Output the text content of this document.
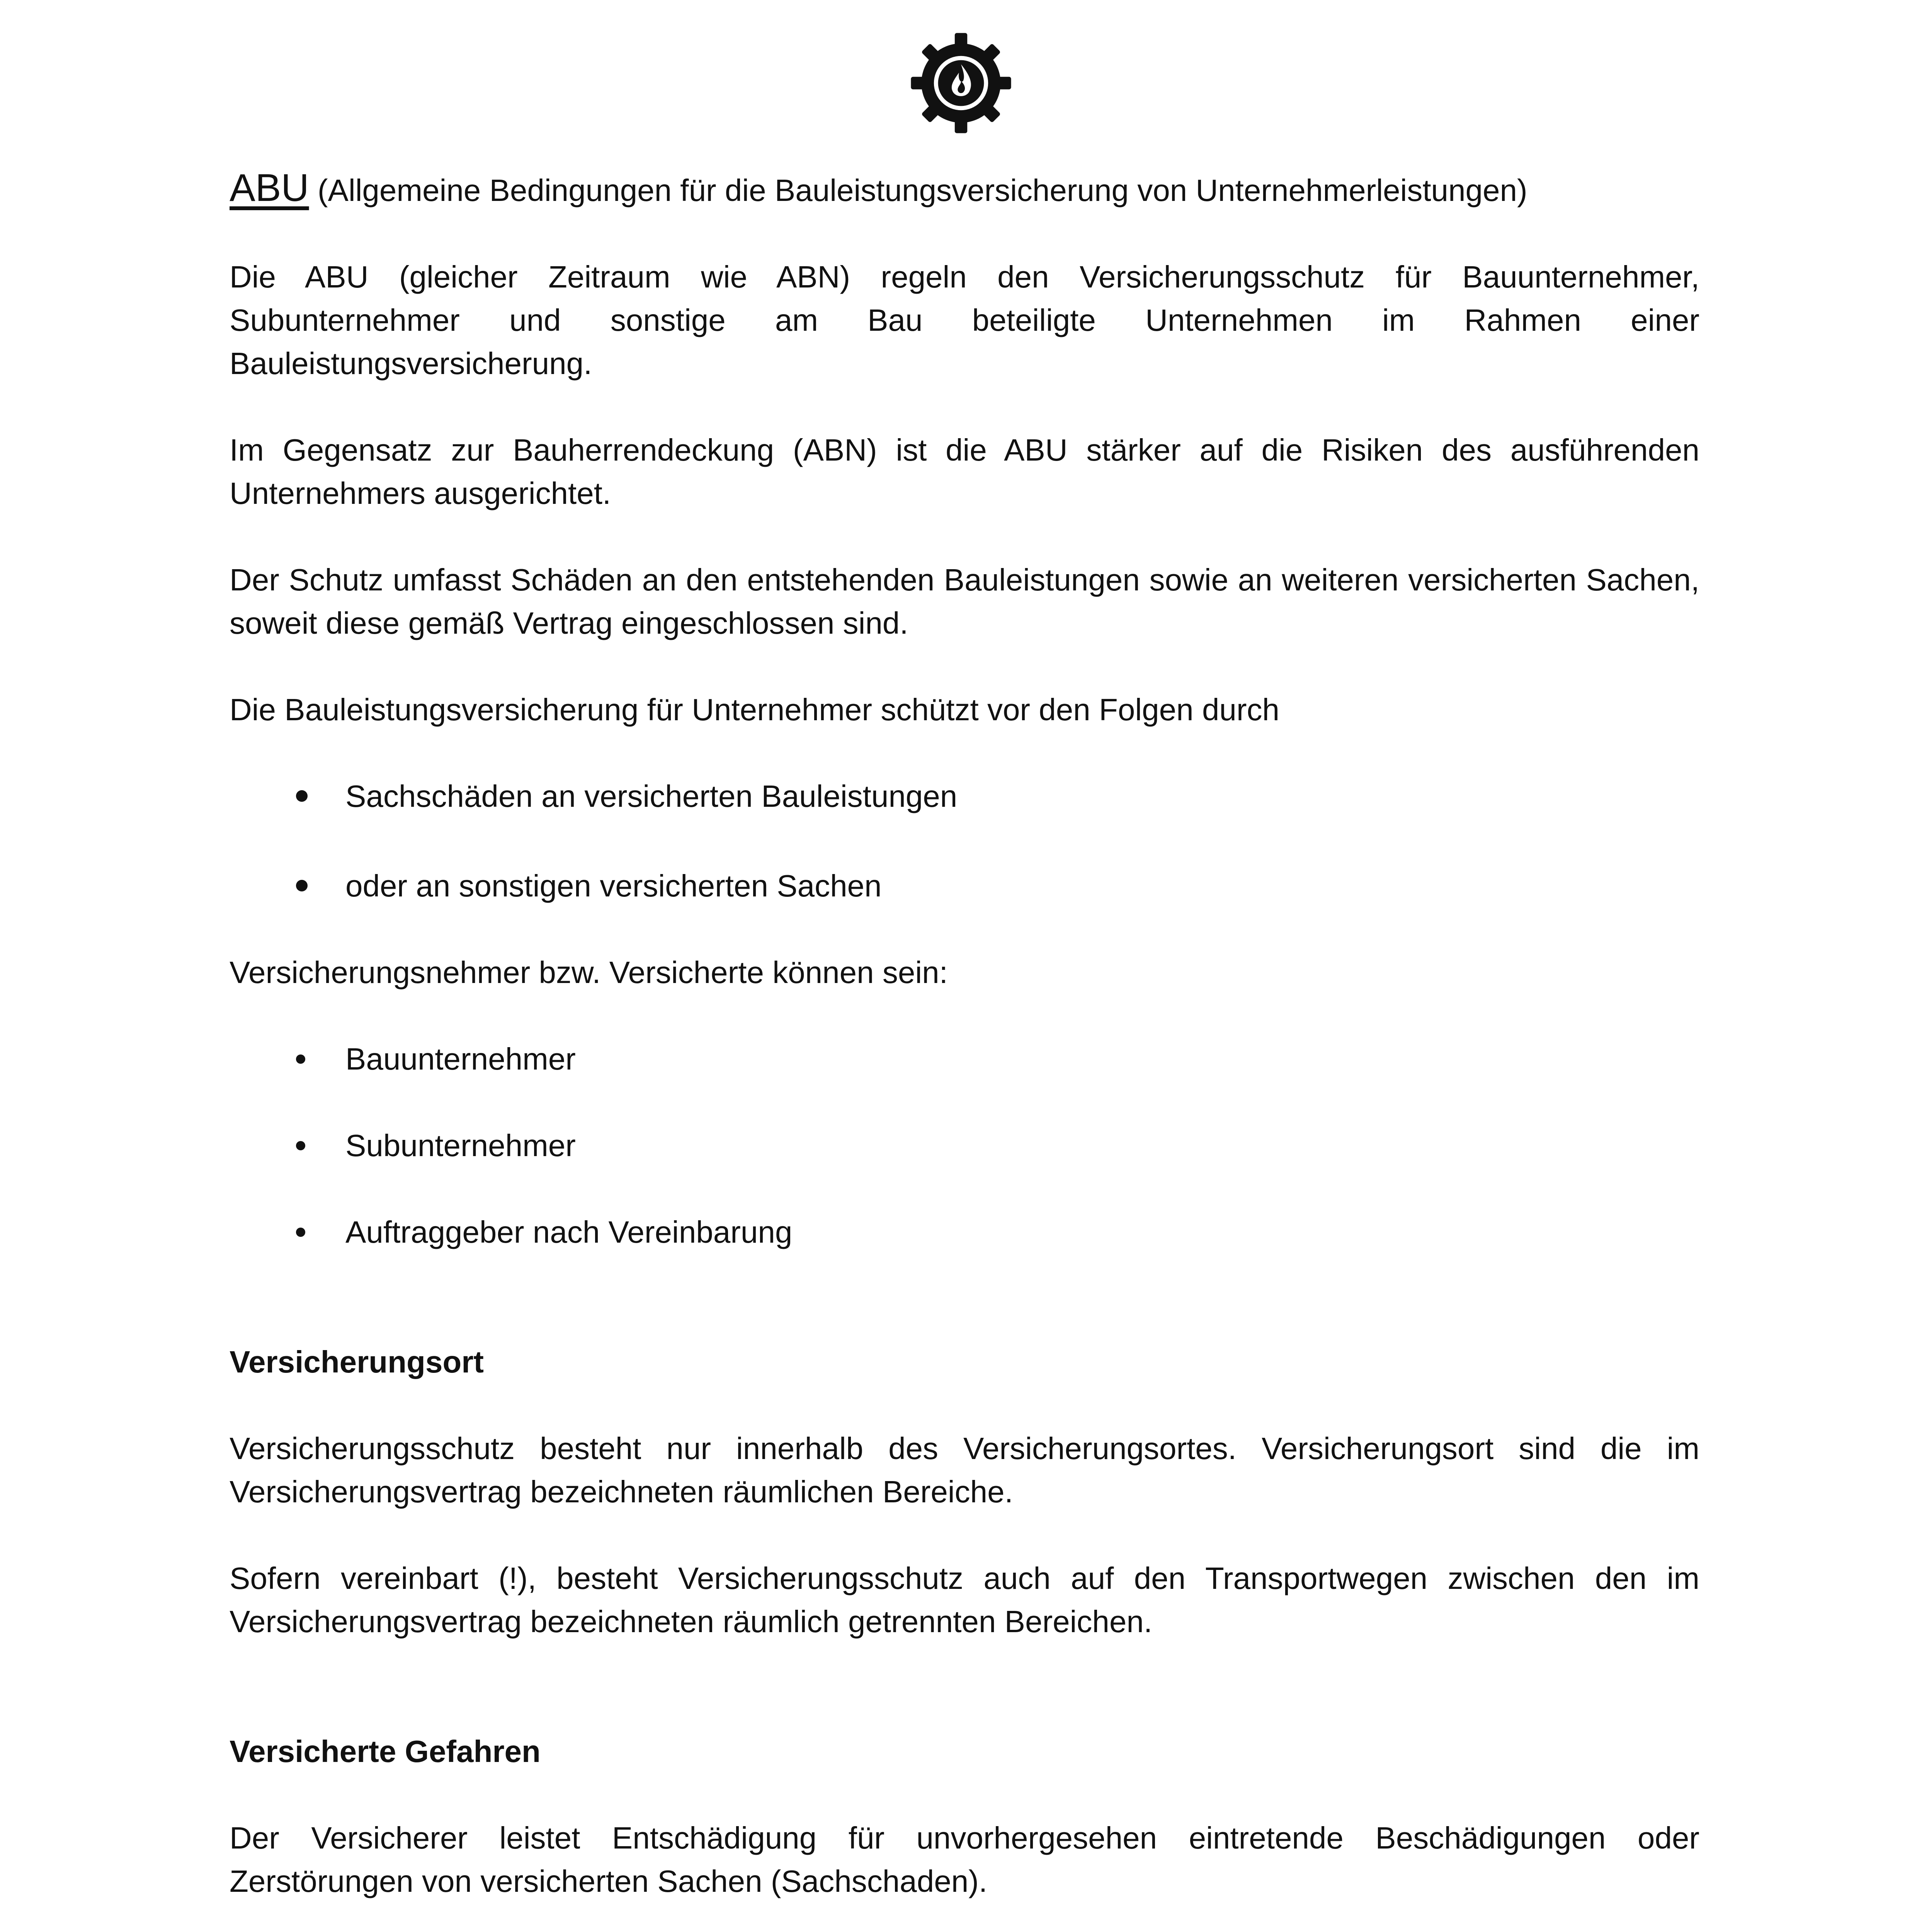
ABU (Allgemeine Bedingungen für die Bauleistungsversicherung von Unternehmerleistungen)

Die ABU (gleicher Zeitraum wie ABN) regeln den Versicherungsschutz für Bauunternehmer, Subunternehmer und sonstige am Bau beteiligte Unternehmen im Rahmen einer Bauleistungsversicherung.

Im Gegensatz zur Bauherrendeckung (ABN) ist die ABU stärker auf die Risiken des ausführenden Unternehmers ausgerichtet.

Der Schutz umfasst Schäden an den entstehenden Bauleistungen sowie an weiteren versicherten Sachen, soweit diese gemäß Vertrag eingeschlossen sind.

Die Bauleistungsversicherung für Unternehmer schützt vor den Folgen durch

Sachschäden an versicherten Bauleistungen
oder an sonstigen versicherten Sachen

Versicherungsnehmer bzw. Versicherte können sein:

Bauunternehmer
Subunternehmer
Auftraggeber nach Vereinbarung

Versicherungsort

Versicherungsschutz besteht nur innerhalb des Versicherungsortes. Versicherungsort sind die im Versicherungsvertrag bezeichneten räumlichen Bereiche.

Sofern vereinbart (!), besteht Versicherungsschutz auch auf den Transportwegen zwischen den im Versicherungsvertrag bezeichneten räumlich getrennten Bereichen.

Versicherte Gefahren

Der Versicherer leistet Entschädigung für unvorhergesehen eintretende Beschädigungen oder Zerstörungen von versicherten Sachen (Sachschaden).
